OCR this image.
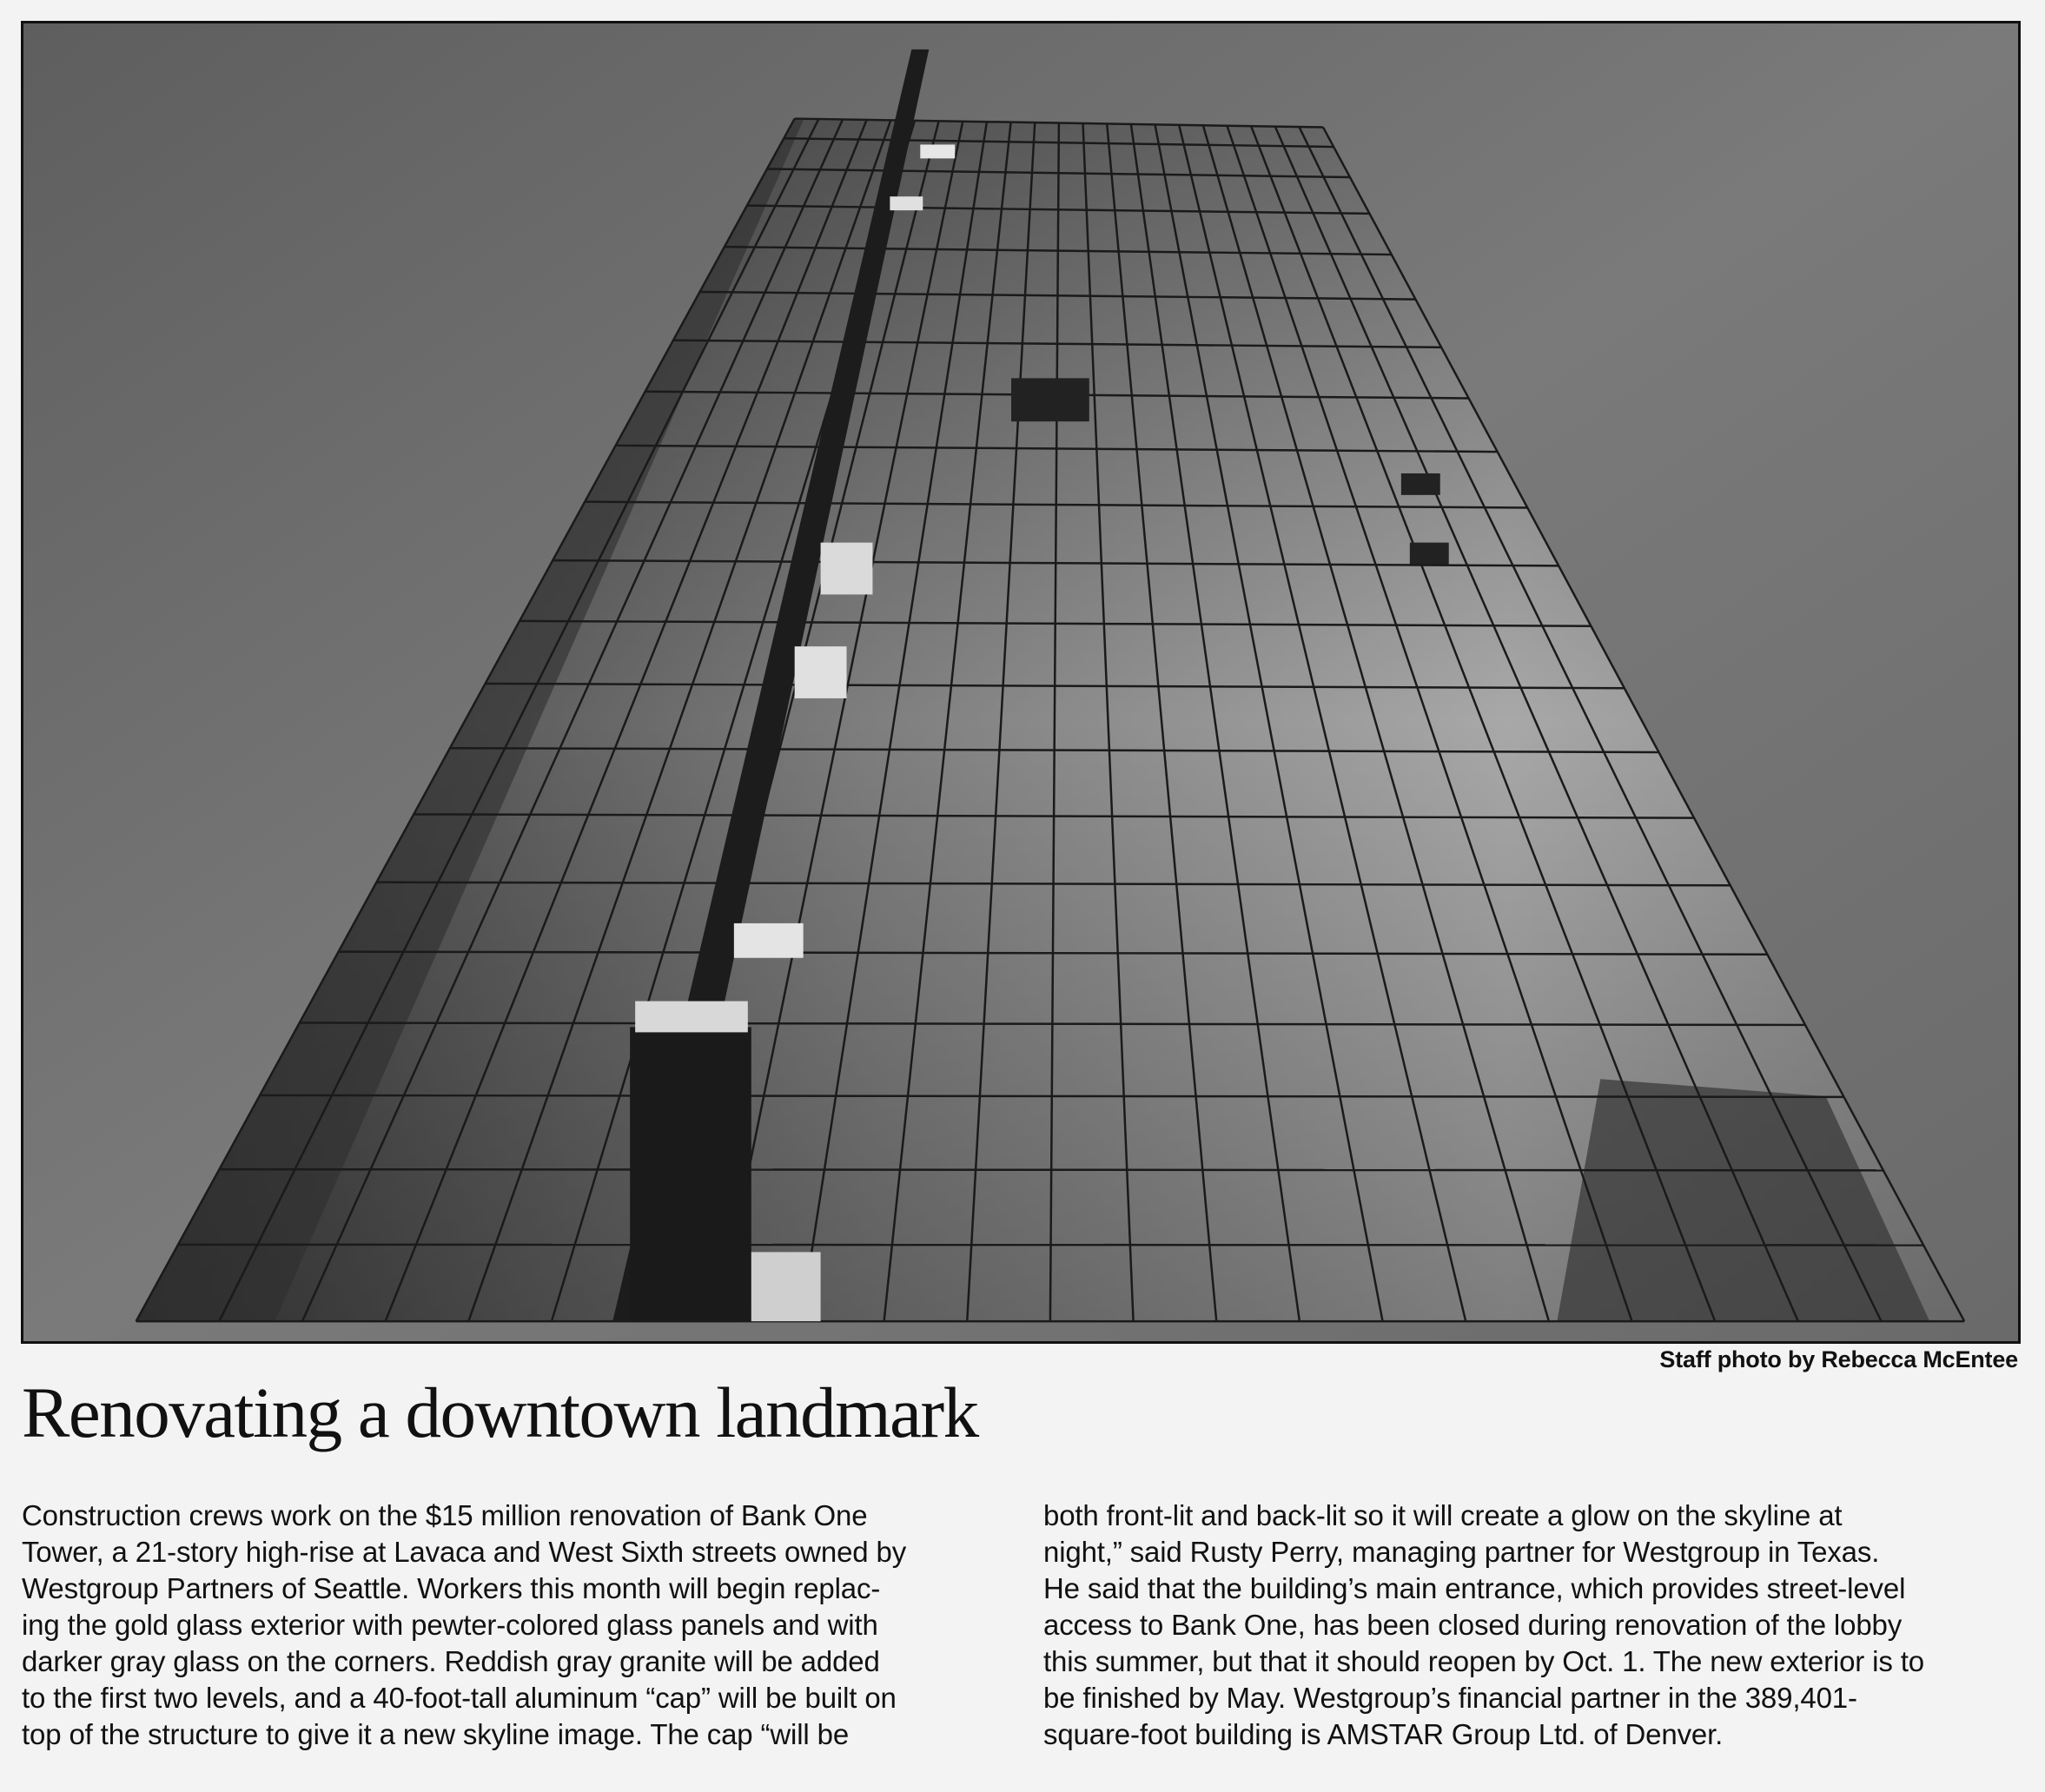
Staff photo by Rebecca McEntee
Renovating a downtown landmark
Construction crews work on the $15 million renovation of Bank One
Tower, a 21-story high-rise at Lavaca and West Sixth streets owned by
Westgroup Partners of Seattle. Workers this month will begin replac-
ing the gold glass exterior with pewter-colored glass panels and with
darker gray glass on the corners. Reddish gray granite will be added
to the first two levels, and a 40-foot-tall aluminum “cap” will be built on
top of the structure to give it a new skyline image. The cap “will be
both front-lit and back-lit so it will create a glow on the skyline at
night,” said Rusty Perry, managing partner for Westgroup in Texas.
He said that the building’s main entrance, which provides street-level
access to Bank One, has been closed during renovation of the lobby
this summer, but that it should reopen by Oct. 1. The new exterior is to
be finished by May. Westgroup’s financial partner in the 389,401-
square-foot building is AMSTAR Group Ltd. of Denver.
